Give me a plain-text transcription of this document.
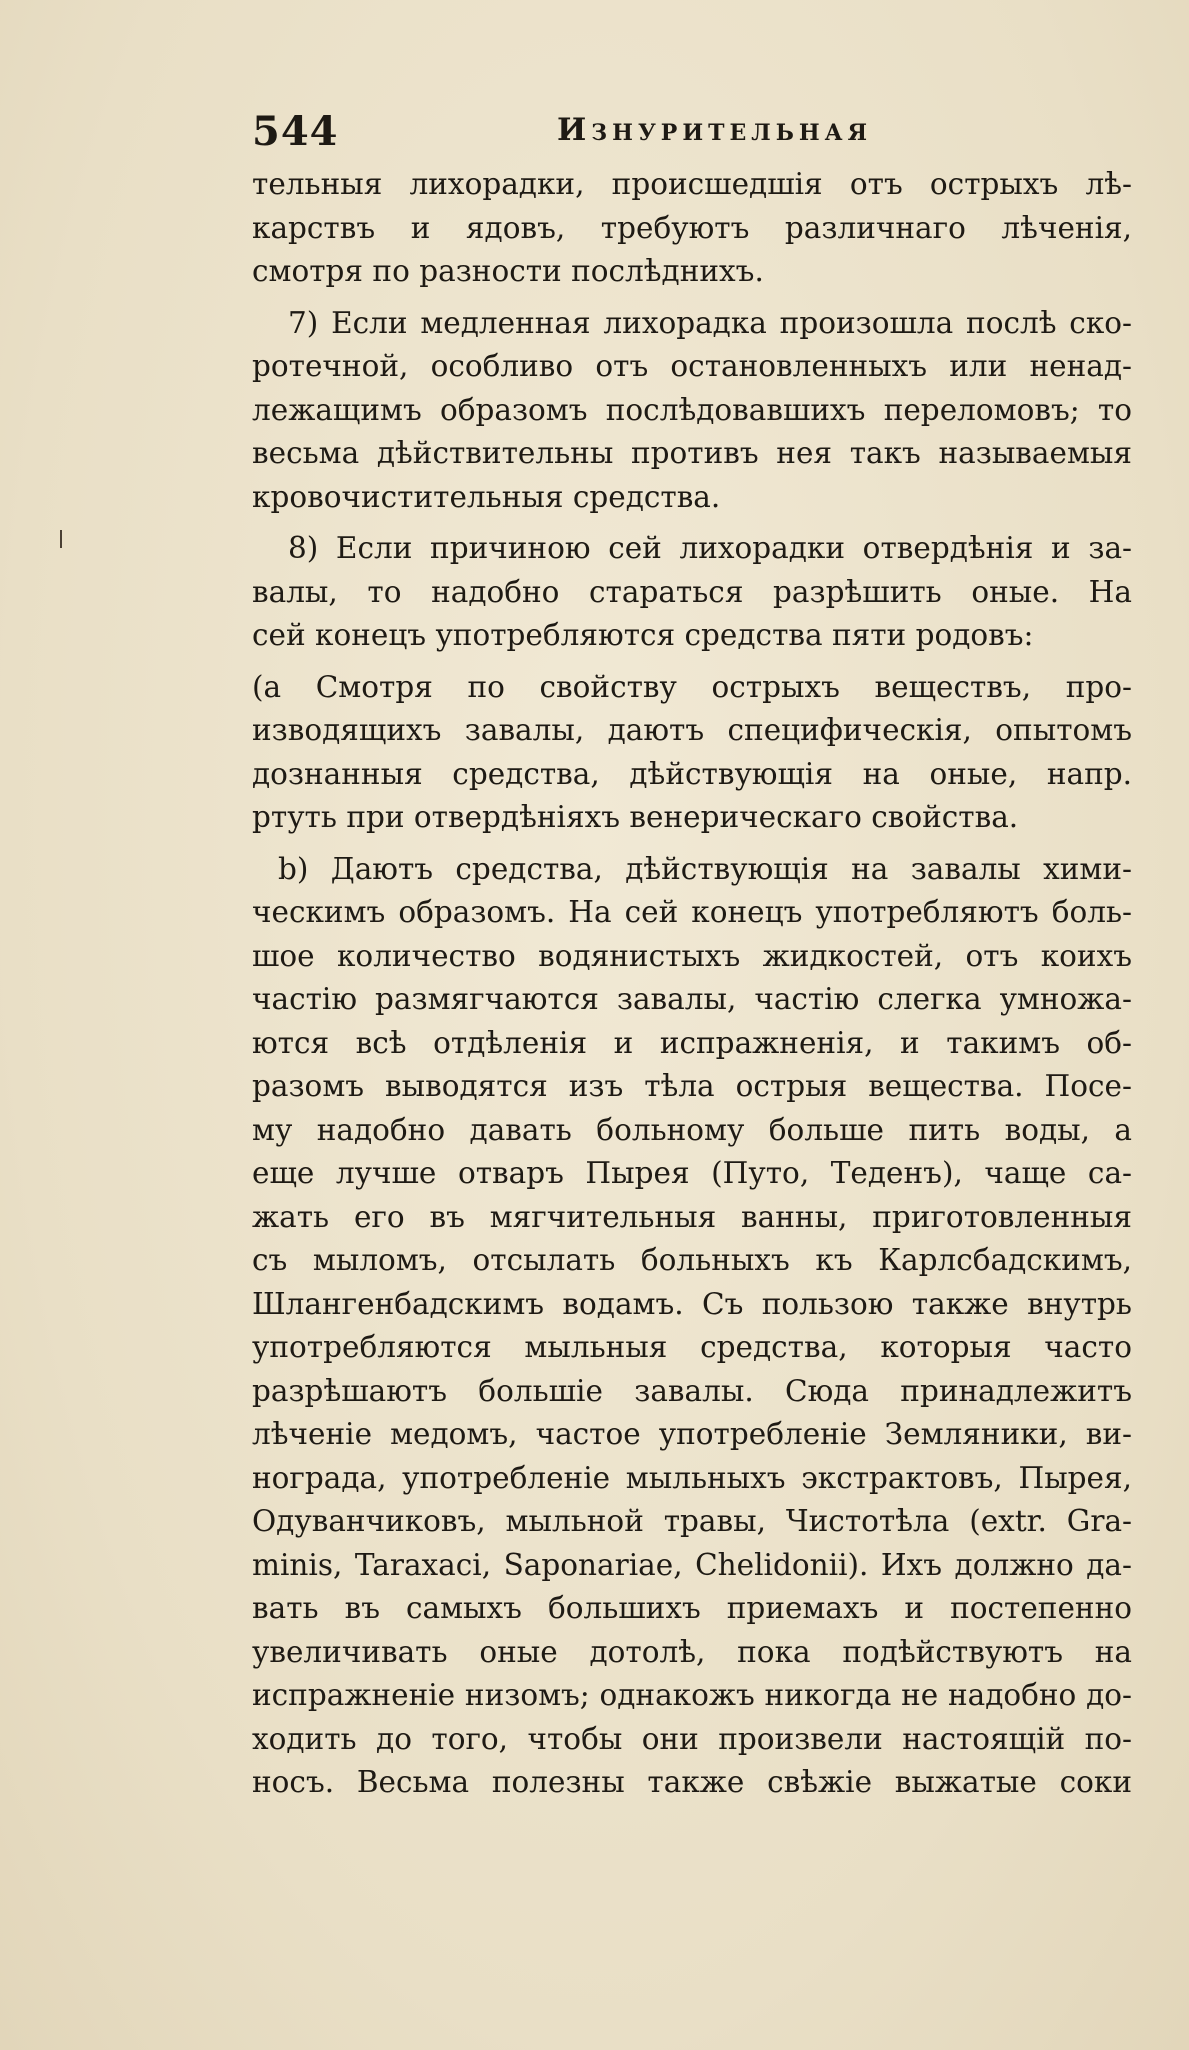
544	Изнурительная
тельныя лихорадки, происшедшія отъ острыхъ лѣ-
карствъ и ядовъ, требуютъ различнаго лѣченія,
смотря по разности послѣднихъ.
7) Если медленная лихорадка произошла послѣ ско-
ротечной, особливо отъ остановленныхъ или ненад-
лежащимъ образомъ послѣдовавшихъ переломовъ; то
весьма дѣйствительны противъ нея такъ называемыя
кровочистительныя средства.
8) Если причиною сей лихорадки отвердѣнія и за-
валы, то надобно стараться разрѣшить оные. На
сей конецъ употребляются средства пяти родовъ:
(а Смотря по свойству острыхъ веществъ, про-
изводящихъ завалы, даютъ специфическія, опытомъ
дознанныя средства, дѣйствующія на оные, напр.
ртуть при отвердѣніяхъ венерическаго свойства.
b) Даютъ средства, дѣйствующія на завалы хими-
ческимъ образомъ. На сей конецъ употребляютъ боль-
шое количество водянистыхъ жидкостей, отъ коихъ
частію размягчаются завалы, частію слегка умножа-
ются всѣ отдѣленія и испражненія, и такимъ об-
разомъ выводятся изъ тѣла острыя вещества. Посе-
му надобно давать больному больше пить воды, а
еще лучше отваръ Пырея (Путо, Теденъ), чаще са-
жать его въ мягчительныя ванны, приготовленныя
съ мыломъ, отсылать больныхъ къ Карлсбадскимъ,
Шлангенбадскимъ водамъ. Съ пользою также внутрь
употребляются мыльныя средства, которыя часто
разрѣшаютъ большіе завалы. Сюда принадлежитъ
лѣченіе медомъ, частое употребленіе Земляники, ви-
нограда, употребленіе мыльныхъ экстрактовъ, Пырея,
Одуванчиковъ, мыльной травы, Чистотѣла (extr. Gra-
minis, Taraxaci, Saponariae, Chelidonii). Ихъ должно да-
вать въ самыхъ большихъ приемахъ и постепенно
увеличивать оные дотолѣ, пока подѣйствуютъ на
испражненіе низомъ; однакожъ никогда не надобно до-
ходить до того, чтобы они произвели настоящій по-
носъ. Весьма полезны также свѣжіе выжатые соки
